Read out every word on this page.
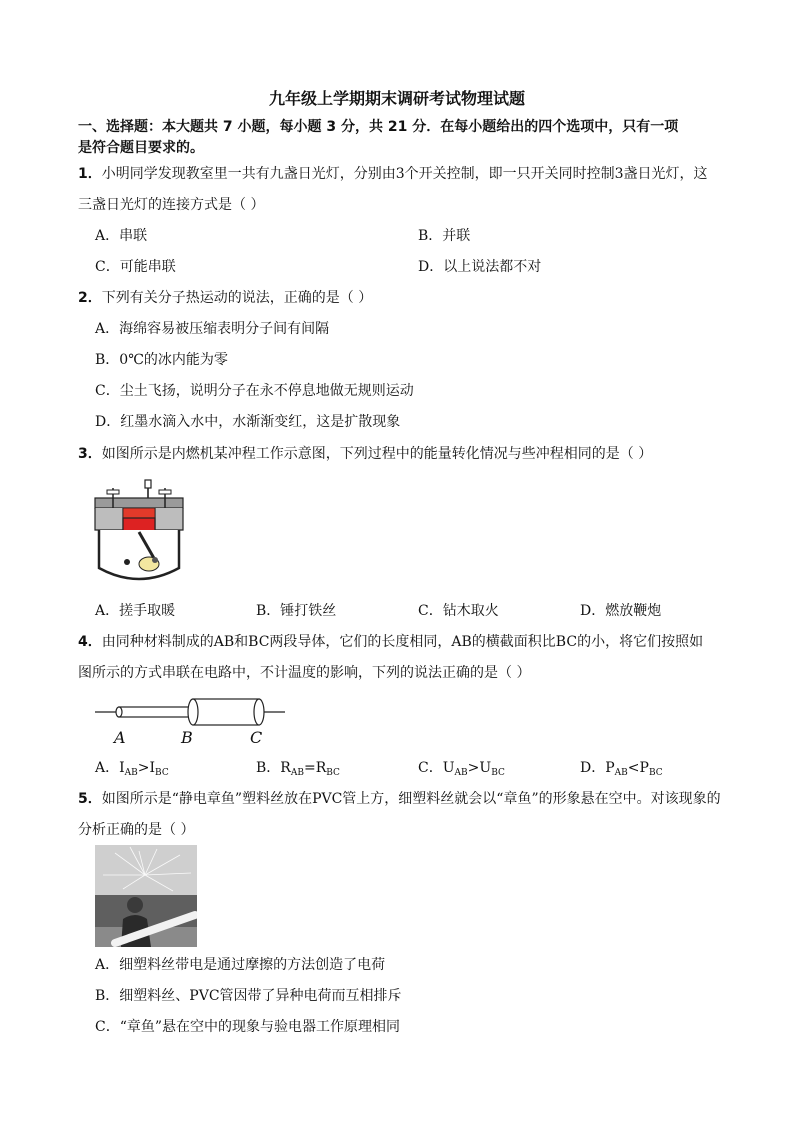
九年级上学期期末调研考试物理试题
一、选择题：本大题共 7 小题，每小题 3 分，共 21 分．在每小题给出的四个选项中，只有一项
是符合题目要求的。
1．小明同学发现教室里一共有九盏日光灯，分别由3个开关控制，即一只开关同时控制3盏日光灯，这
三盏日光灯的连接方式是（ ）
A．串联	B．并联
C．可能串联	D．以上说法都不对
2．下列有关分子热运动的说法，正确的是（ ）
A．海绵容易被压缩表明分子间有间隔
B．0℃的冰内能为零
C．尘土飞扬，说明分子在永不停息地做无规则运动
D．红墨水滴入水中，水渐渐变红，这是扩散现象
3．如图所示是内燃机某冲程工作示意图，下列过程中的能量转化情况与些冲程相同的是（ ）
A．搓手取暖	B．锤打铁丝	C．钻木取火	D．燃放鞭炮
4．由同种材料制成的AB和BC两段导体，它们的长度相同，AB的横截面积比BC的小，将它们按照如
图所示的方式串联在电路中，不计温度的影响，下列的说法正确的是（ ）
A	B	C
A．$I_{AB}>I_{BC}$	B．$R_{AB}=R_{BC}$	C．$U_{AB}>U_{BC}$	D．$P_{AB}<P_{BC}$
5．如图所示是“静电章鱼”塑料丝放在PVC管上方，细塑料丝就会以“章鱼”的形象悬在空中。对该现象的
分析正确的是（ ）
A．细塑料丝带电是通过摩擦的方法创造了电荷
B．细塑料丝、PVC管因带了异种电荷而互相排斥
C．“章鱼”悬在空中的现象与验电器工作原理相同
